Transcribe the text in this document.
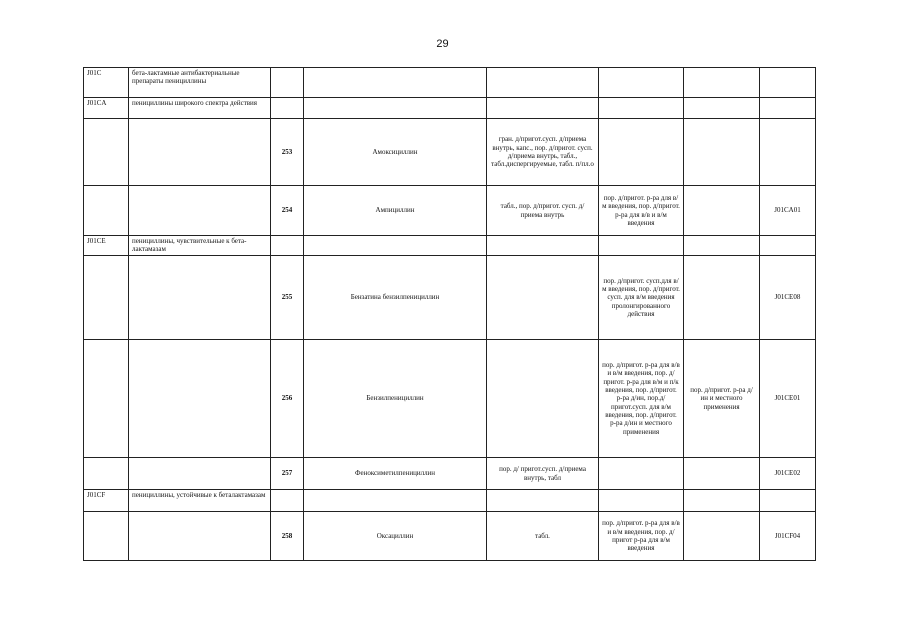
29
J01C	бета-лактамные антибактериальные препараты пенициллины						
J01CA	пенициллины широкого спектра действия						
		253	Амоксициллин	гран. д/пригот.сусп. д/приема внутрь, капс., пор. д/пригот. сусп. д/приема внутрь, табл., табл.диспергируемые, табл. п/пл.о			
		254	Ампициллин	табл., пор. д/пригот. сусп. д/приема внутрь	пор. д/пригот. р-ра для в/м введения, пор. д/пригот. р-ра для в/в и в/м введения		J01CA01
J01CE	пенициллины, чувствительные к бета-лактамазам						
		255	Бензатина бензилпенициллин		пор. д/пригот. сусп.для в/м введения, пор. д/пригот. сусп. для в/м введения пролонгированного действия		J01CE08
		256	Бензилпенициллин		пор. д/пригот. р-ра для в/в и в/м введения, пор. д/пригот. р-ра для в/м и п/к введения, пор. д/пригот. р-ра д/ин, пор.д/пригот.сусп. для в/м введения, пор. д/пригот. р-ра д/ин и местного применения	пор. д/пригот. р-ра д/ин и местного применения	J01CE01
		257	Феноксиметилпенициллин	пор. д/ пригот.сусп. д/приема внутрь, табл			J01CE02
J01CF	пенициллины, устойчивые к беталактамазам						
		258	Оксациллин	табл.	пор. д/пригот. р-ра для в/в и в/м введения, пор. д/пригот р-ра для в/м введения		J01CF04
